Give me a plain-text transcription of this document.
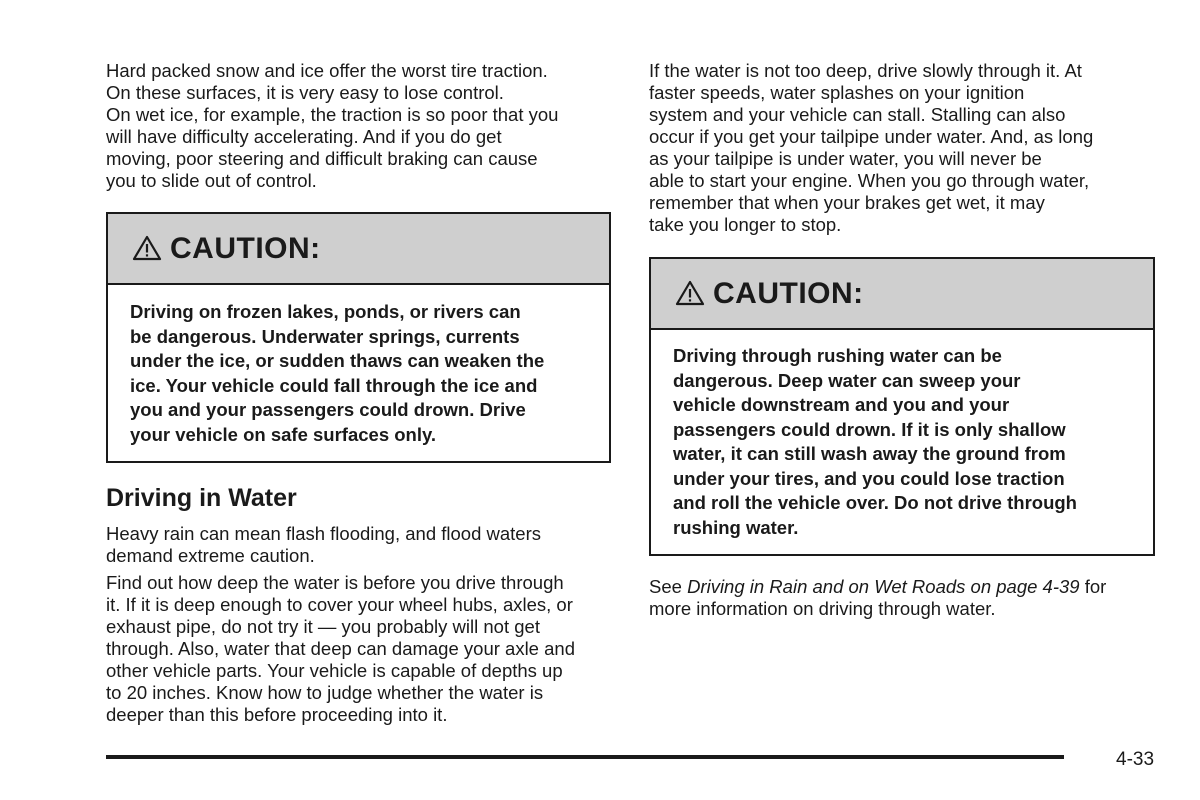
Hard packed snow and ice offer the worst tire traction.
On these surfaces, it is very easy to lose control.
On wet ice, for example, the traction is so poor that you
will have difficulty accelerating. And if you do get
moving, poor steering and difficult braking can cause
you to slide out of control.
CAUTION:
Driving on frozen lakes, ponds, or rivers can
be dangerous. Underwater springs, currents
under the ice, or sudden thaws can weaken the
ice. Your vehicle could fall through the ice and
you and your passengers could drown. Drive
your vehicle on safe surfaces only.
Driving in Water
Heavy rain can mean flash flooding, and flood waters
demand extreme caution.
Find out how deep the water is before you drive through
it. If it is deep enough to cover your wheel hubs, axles, or
exhaust pipe, do not try it — you probably will not get
through. Also, water that deep can damage your axle and
other vehicle parts. Your vehicle is capable of depths up
to 20 inches. Know how to judge whether the water is
deeper than this before proceeding into it.
If the water is not too deep, drive slowly through it. At
faster speeds, water splashes on your ignition
system and your vehicle can stall. Stalling can also
occur if you get your tailpipe under water. And, as long
as your tailpipe is under water, you will never be
able to start your engine. When you go through water,
remember that when your brakes get wet, it may
take you longer to stop.
CAUTION:
Driving through rushing water can be
dangerous. Deep water can sweep your
vehicle downstream and you and your
passengers could drown. If it is only shallow
water, it can still wash away the ground from
under your tires, and you could lose traction
and roll the vehicle over. Do not drive through
rushing water.
See Driving in Rain and on Wet Roads on page 4-39 for
more information on driving through water.
4-33
